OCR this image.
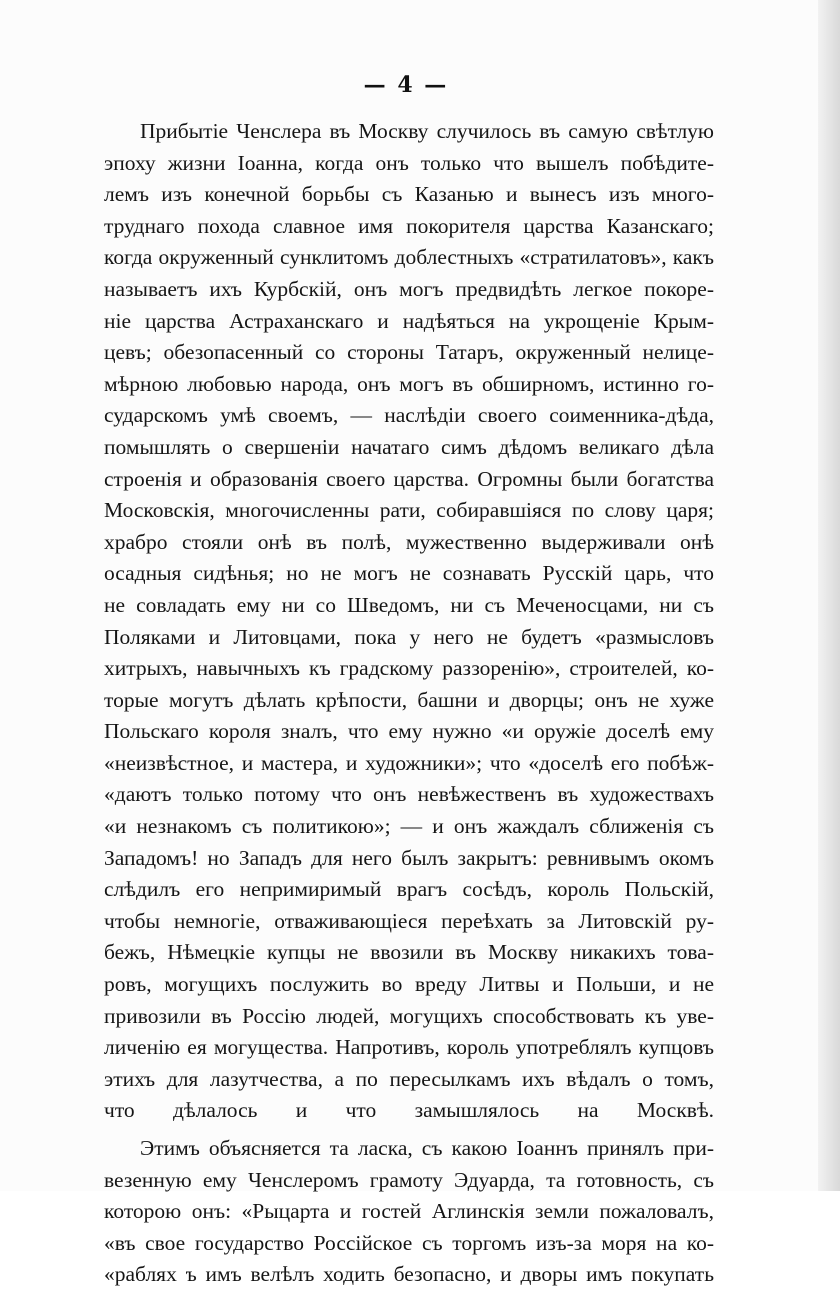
— 4 —
Прибытіе Ченслера въ Москву случилось въ самую свѣтлую
эпоху жизни Іоанна, когда онъ только что вышелъ побѣдите-
лемъ изъ конечной борьбы съ Казанью и вынесъ изъ много-
труднаго похода славное имя покорителя царства Казанскаго;
когда окруженный сунклитомъ доблестныхъ «стратилатовъ», какъ
называетъ ихъ Курбскій, онъ могъ предвидѣть легкое покоре-
ніе царства Астраханскаго и надѣяться на укрощеніе Крым-
цевъ; обезопасенный со стороны Татаръ, окруженный нелице-
мѣрною любовью народа, онъ могъ въ обширномъ, истинно го-
сударскомъ умѣ своемъ, — наслѣдіи своего соименника-дѣда,
помышлять о свершеніи начатаго симъ дѣдомъ великаго дѣла
строенія и образованія своего царства. Огромны были богатства
Московскія, многочисленны рати, собиравшіяся по слову царя;
храбро стояли онѣ въ полѣ, мужественно выдерживали онѣ
осадныя сидѣнья; но не могъ не сознавать Русскій царь, что
не совладать ему ни со Шведомъ, ни съ Меченосцами, ни съ
Поляками и Литовцами, пока у него не будетъ «размысловъ
хитрыхъ, навычныхъ къ градскому раззоренію», строителей, ко-
торые могутъ дѣлать крѣпости, башни и дворцы; онъ не хуже
Польскаго короля зналъ, что ему нужно «и оружіе доселѣ ему
«неизвѣстное, и мастера, и художники»; что «доселѣ его побѣж-
«даютъ только потому что онъ невѣжественъ въ художествахъ
«и незнакомъ съ политикою»; — и онъ жаждалъ сближенія съ
Западомъ! но Западъ для него былъ закрытъ: ревнивымъ окомъ
слѣдилъ его непримиримый врагъ сосѣдъ, король Польскій,
чтобы немногіе, отваживающіеся переѣхать за Литовскій ру-
бежъ, Нѣмецкіе купцы не ввозили въ Москву никакихъ това-
ровъ, могущихъ послужить во вреду Литвы и Польши, и не
привозили въ Россію людей, могущихъ способствовать къ уве-
личенію ея могущества. Напротивъ, король употреблялъ купцовъ
этихъ для лазутчества, а по пересылкамъ ихъ вѣдалъ о томъ,
что дѣлалось и что замышлялось на Москвѣ.
Этимъ объясняется та ласка, съ какою Іоаннъ принялъ при-
везенную ему Ченслеромъ грамоту Эдуарда, та готовность, съ
которою онъ: «Рыцарта и гостей Аглинскія земли пожаловалъ,
«въ свое государство Россійское съ торгомъ изъ-за моря на ко-
«раблях ъ имъ велѣлъ ходить безопасно, и дворы имъ покупать
